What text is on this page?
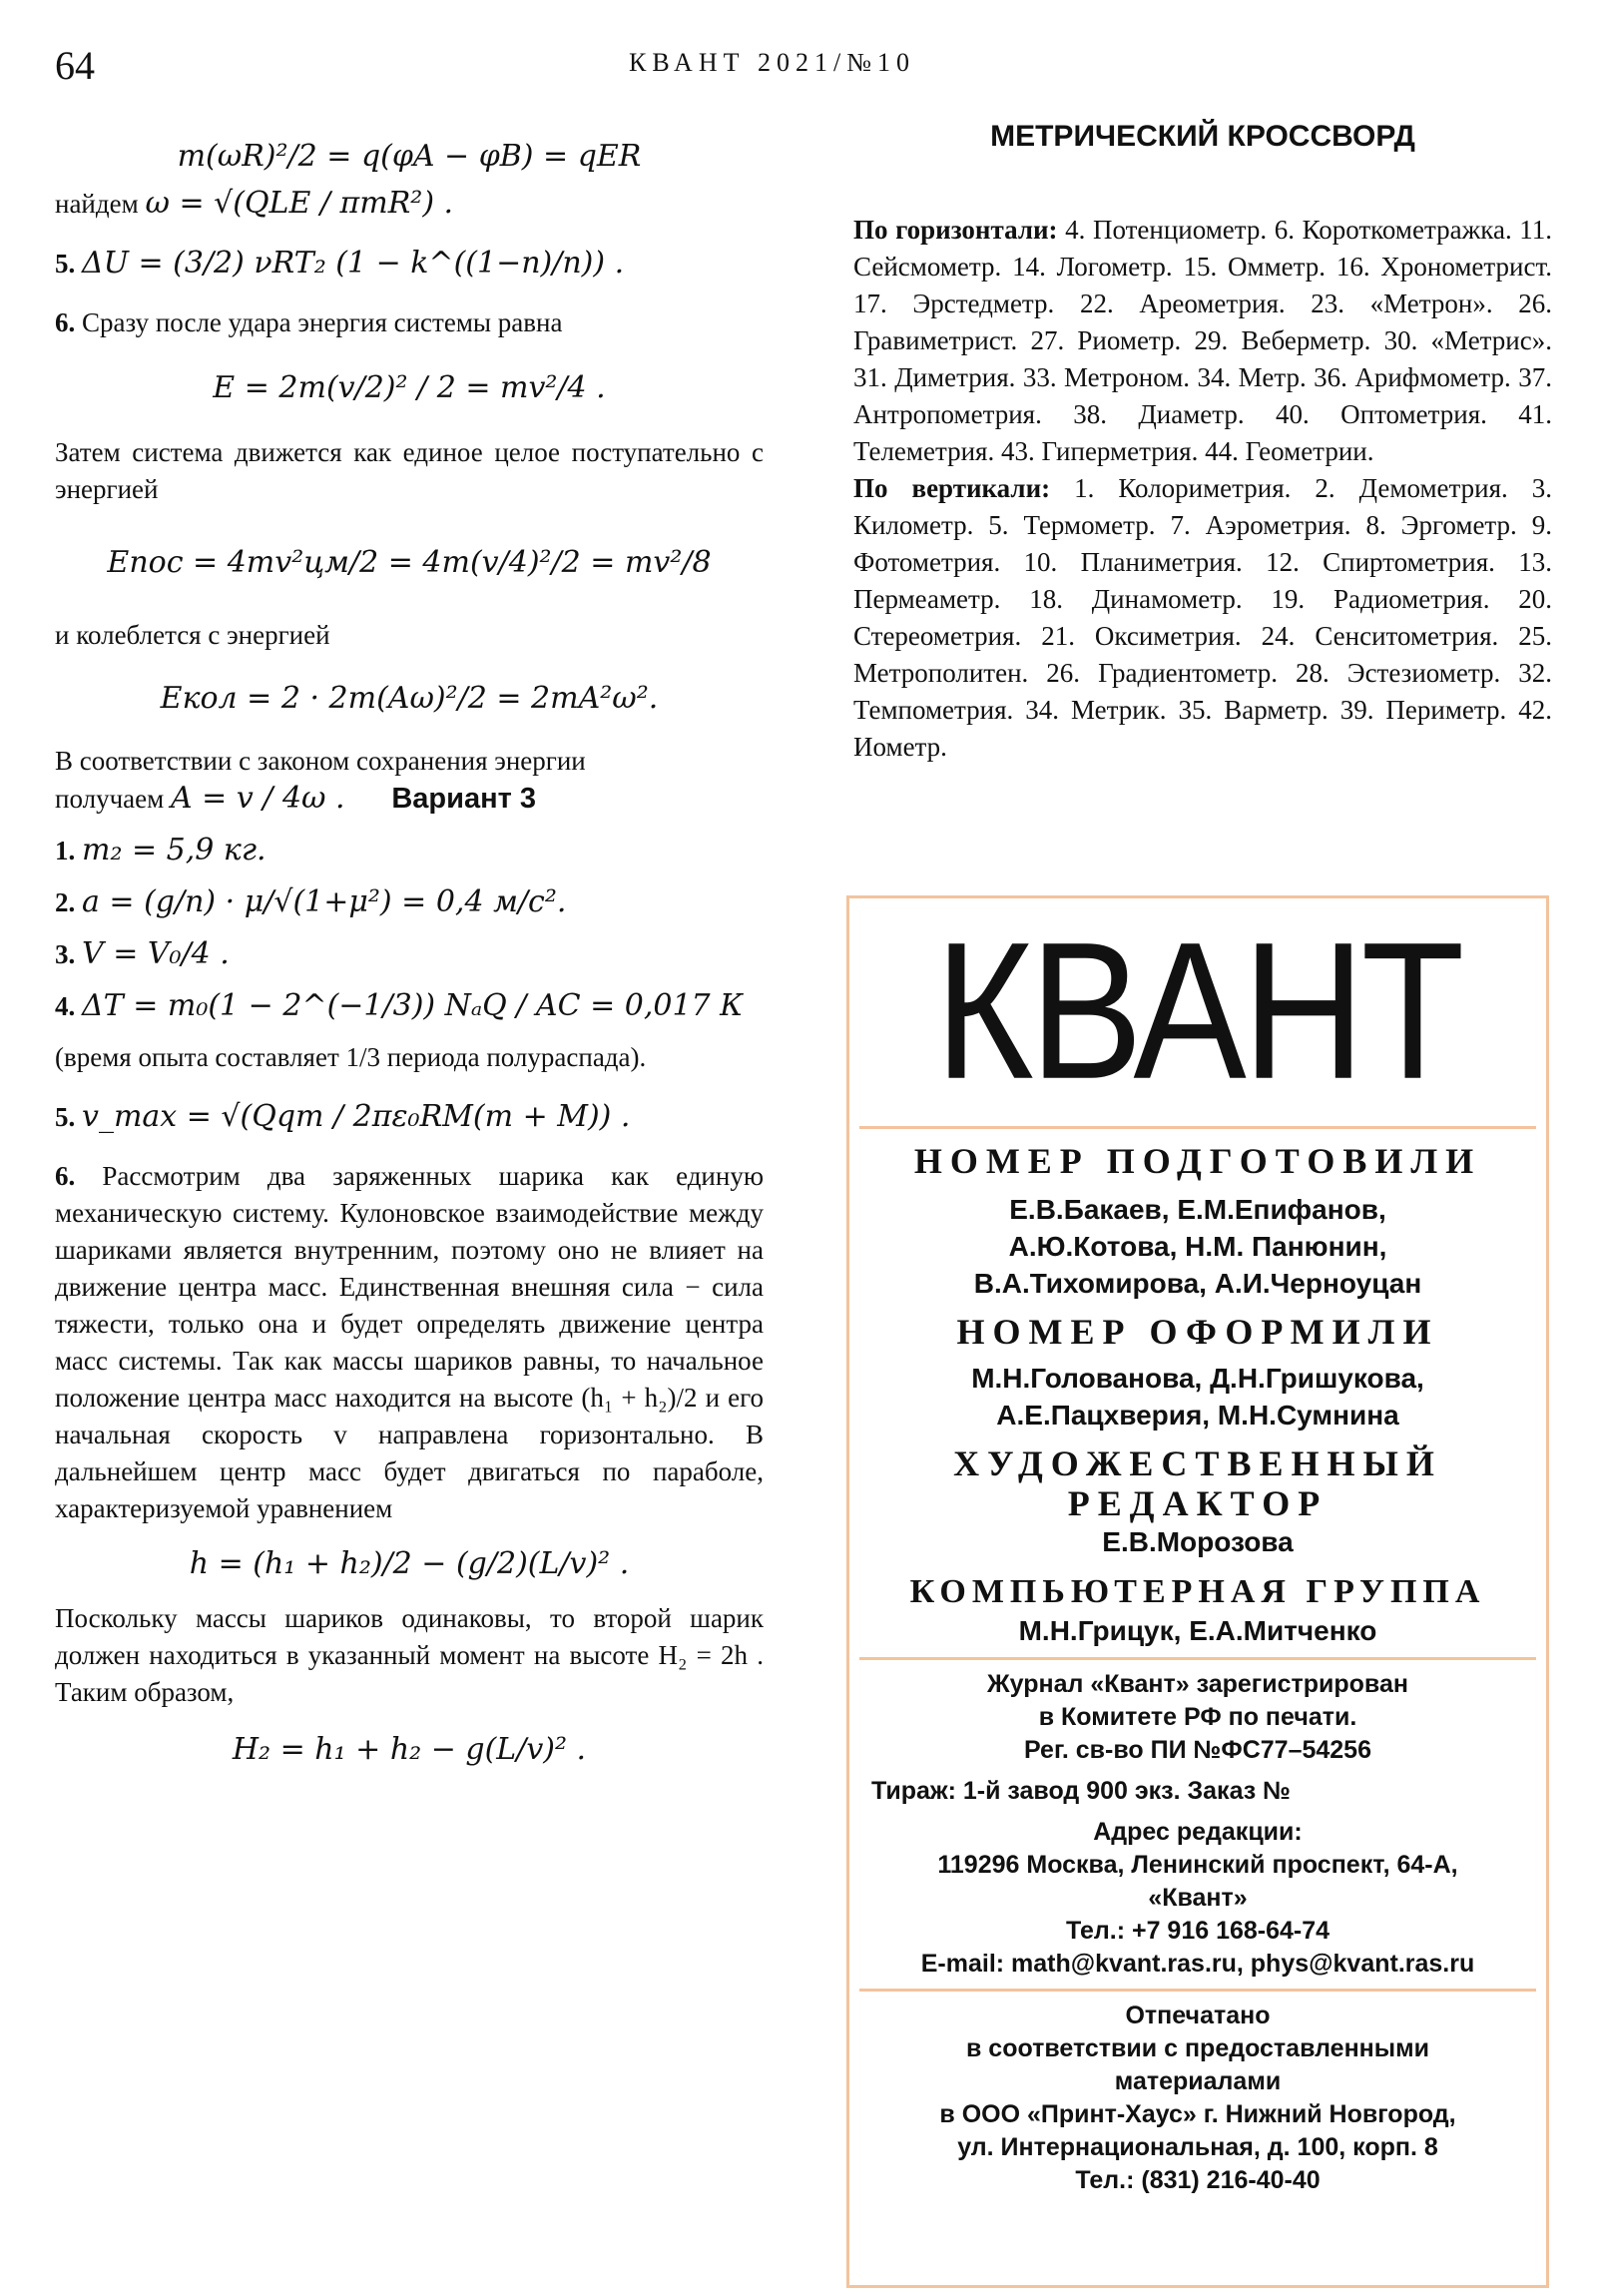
64	КВАНТ 2021/№10
m(ωR)²/2 = q(φA − φB) = qER

найдем ω = √(QLE / πmR²) .

5. ΔU = (3/2) νRT₂ (1 − k^((1−n)/n)) .

6. Сразу после удара энергия системы равна

E = 2m(v/2)² / 2 = mv²/4 .

Затем система движется как единое целое поступательно с энергией

Eпос = 4mv²цм/2 = 4m(v/4)²/2 = mv²/8

и колеблется с энергией

Eкол = 2 · 2m(Aω)²/2 = 2mA²ω².

В соответствии с законом сохранения энергии

получаем A = v / 4ω . Вариант 3

1. m₂ = 5,9 кг.

2. a = (g/n) · μ/√(1+μ²) = 0,4 м/с².

3. V = V₀/4 .

4. ΔT = m₀(1 − 2^(−1/3)) NₐQ / AC = 0,017 К

(время опыта составляет 1/3 периода полураспада).

5. v_max = √(Qqm / 2πε₀RM(m + M)) .

6. Рассмотрим два заряженных шарика как единую механическую систему. Кулоновское взаимодействие между шариками является внутренним, поэтому оно не влияет на движение центра масс. Единственная внешняя сила − сила тяжести, только она и будет определять движение центра масс системы. Так как массы шариков равны, то начальное положение центра масс находится на высоте (h₁ + h₂)/2 и его начальная скорость v направлена горизонтально. В дальнейшем центр масс будет двигаться по параболе, характеризуемой уравнением

h = (h₁ + h₂)/2 − (g/2)(L/v)² .

Поскольку массы шариков одинаковы, то второй шарик должен находиться в указанный момент на высоте H₂ = 2h . Таким образом,

H₂ = h₁ + h₂ − g(L/v)² .
МЕТРИЧЕСКИЙ КРОССВОРД

По горизонтали: 4. Потенциометр. 6. Короткометражка. 11. Сейсмометр. 14. Логометр. 15. Омметр. 16. Хронометрист. 17. Эрстедметр. 22. Ареометрия. 23. «Метрон». 26. Гравиметрист. 27. Риометр. 29. Веберметр. 30. «Метрис». 31. Диметрия. 33. Метроном. 34. Метр. 36. Арифмометр. 37. Антропометрия. 38. Диаметр. 40. Оптометрия. 41. Телеметрия. 43. Гиперметрия. 44. Геометрии.

По вертикали: 1. Колориметрия. 2. Демометрия. 3. Километр. 5. Термометр. 7. Аэрометрия. 8. Эргометр. 9. Фотометрия. 10. Планиметрия. 12. Спиртометрия. 13. Пермеаметр. 18. Динамометр. 19. Радиометрия. 20. Стереометрия. 21. Оксиметрия. 24. Сенситометрия. 25. Метрополитен. 26. Градиентометр. 28. Эстезиометр. 32. Темпометрия. 34. Метрик. 35. Варметр. 39. Периметр. 42. Иометр.

КВАНТ
НОМЕР ПОДГОТОВИЛИ
Е.В.Бакаев, Е.М.Епифанов,
А.Ю.Котова, Н.М. Панюнин,
В.А.Тихомирова, А.И.Черноуцан
НОМЕР ОФОРМИЛИ
М.Н.Голованова, Д.Н.Гришукова,
А.Е.Пацхверия, М.Н.Сумнина
ХУДОЖЕСТВЕННЫЙ
РЕДАКТОР
Е.В.Морозова
КОМПЬЮТЕРНАЯ ГРУППА
М.Н.Грицук, Е.А.Митченко
Журнал «Квант» зарегистрирован
в Комитете РФ по печати.
Рег. св-во ПИ №ФС77–54256
Тираж: 1-й завод 900 экз. Заказ №
Адрес редакции:
119296 Москва, Ленинский проспект, 64-А,
«Квант»
Тел.: +7 916 168-64-74
E-mail: math@kvant.ras.ru, phys@kvant.ras.ru
Отпечатано
в соответствии с предоставленными
материалами
в ООО «Принт-Хаус» г. Нижний Новгород,
ул. Интернациональная, д. 100, корп. 8
Тел.: (831) 216-40-40
